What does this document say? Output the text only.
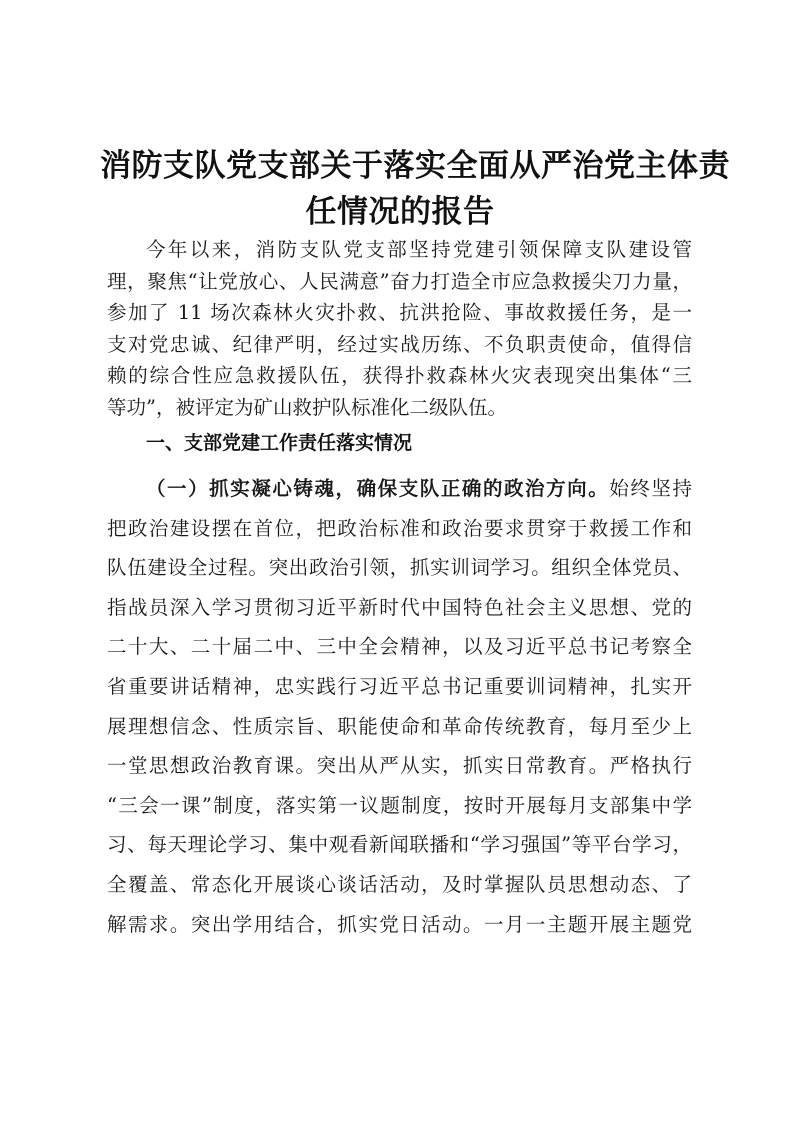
消防支队党支部关于落实全面从严治党主体责
任情况的报告
今年以来，消防支队党支部坚持党建引领保障支队建设管
理，聚焦“让党放心、人民满意”奋力打造全市应急救援尖刀力量，
参加了 11 场次森林火灾扑救、抗洪抢险、事故救援任务，是一
支对党忠诚、纪律严明，经过实战历练、不负职责使命，值得信
赖的综合性应急救援队伍，获得扑救森林火灾表现突出集体“三
等功”，被评定为矿山救护队标准化二级队伍。
一、支部党建工作责任落实情况
（一）抓实凝心铸魂，确保支队正确的政治方向。始终坚持
把政治建设摆在首位，把政治标准和政治要求贯穿于救援工作和
队伍建设全过程。突出政治引领，抓实训词学习。组织全体党员、
指战员深入学习贯彻习近平新时代中国特色社会主义思想、党的
二十大、二十届二中、三中全会精神，以及习近平总书记考察全
省重要讲话精神，忠实践行习近平总书记重要训词精神，扎实开
展理想信念、性质宗旨、职能使命和革命传统教育，每月至少上
一堂思想政治教育课。突出从严从实，抓实日常教育。严格执行
“三会一课”制度，落实第一议题制度，按时开展每月支部集中学
习、每天理论学习、集中观看新闻联播和“学习强国”等平台学习，
全覆盖、常态化开展谈心谈话活动，及时掌握队员思想动态、了
解需求。突出学用结合，抓实党日活动。一月一主题开展主题党
